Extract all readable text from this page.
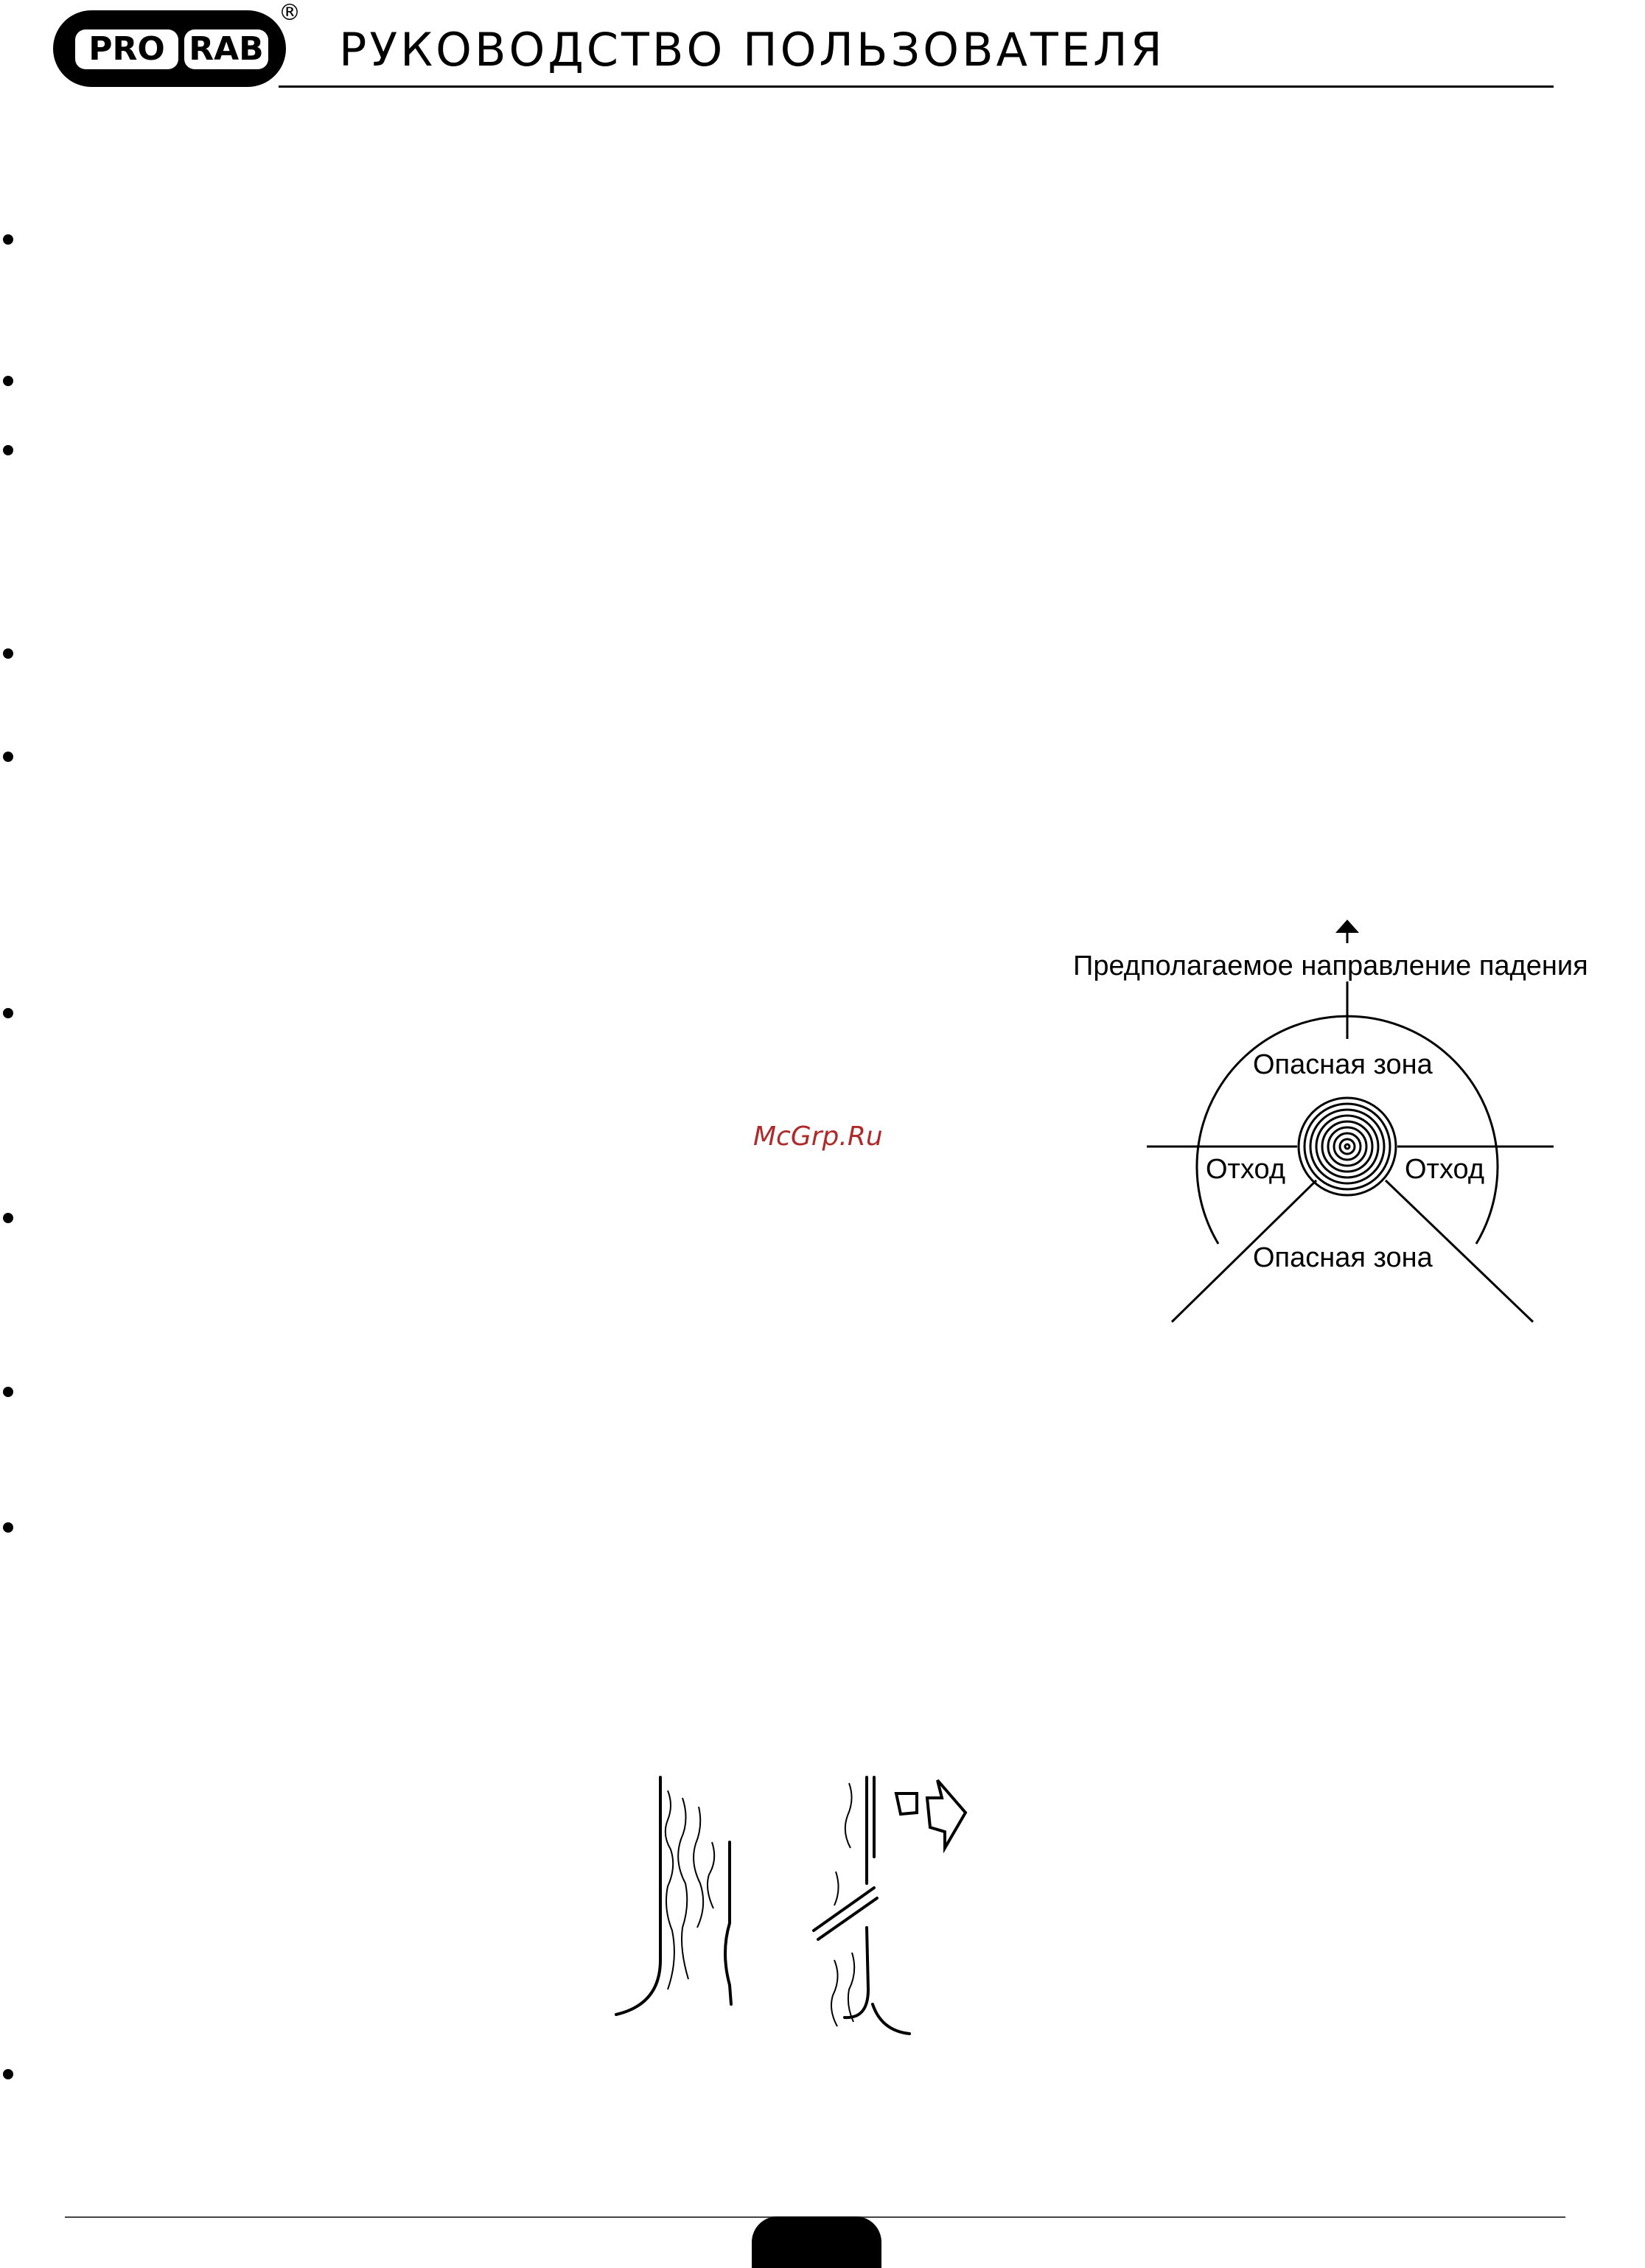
PRO RAB
®
РУКОВОДСТВО ПОЛЬЗОВАТЕЛЯ
McGrp.Ru
Предполагаемое направление падения
Опасная зона
Отход	Отход
Опасная зона
